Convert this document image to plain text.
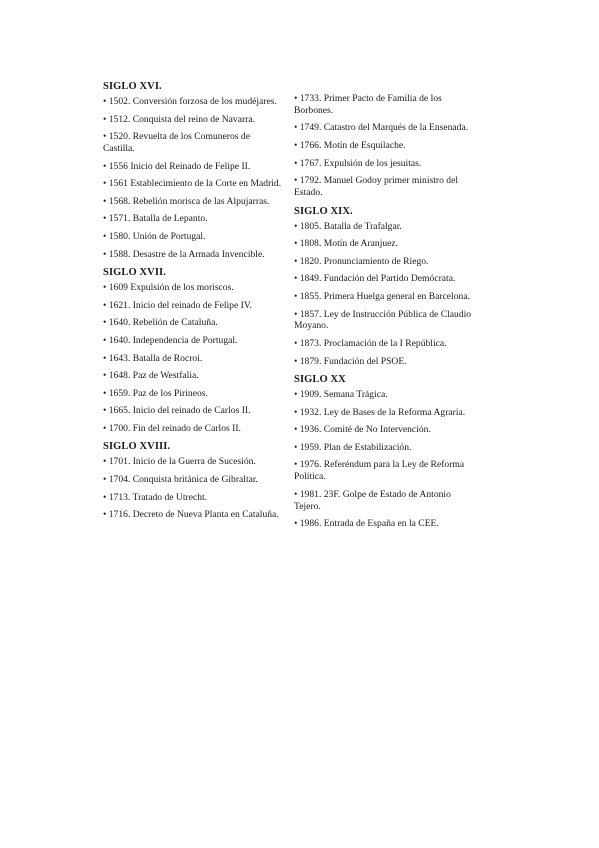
SIGLO XVI.
• 1502. Conversión forzosa de los mudéjares.
• 1512. Conquista del reino de Navarra.
• 1520. Revuelta de los Comuneros de Castilla.
• 1556 Inicio del Reinado de Felipe II.
• 1561 Establecimiento de la Corte en Madrid.
• 1568. Rebelión morisca de las Alpujarras.
• 1571. Batalla de Lepanto.
• 1580. Unión de Portugal.
• 1588. Desastre de la Armada Invencible.
SIGLO XVII.
• 1609 Expulsión de los moriscos.
• 1621. Inicio del reinado de Felipe IV.
• 1640. Rebelión de Cataluña.
• 1640. Independencia de Portugal.
• 1643. Batalla de Rocroi.
• 1648. Paz de Westfalia.
• 1659. Paz de los Pirineos.
• 1665. Inicio del reinado de Carlos II.
• 1700. Fin del reinado de Carlos II.
SIGLO XVIII.
• 1701. Inicio de la Guerra de Sucesión.
• 1704. Conquista británica de Gibraltar.
• 1713. Tratado de Utrecht.
• 1716. Decreto de Nueva Planta en Cataluña.
• 1733. Primer Pacto de Familia de los Borbones.
• 1749. Catastro del Marqués de la Ensenada.
• 1766. Motín de Esquilache.
• 1767. Expulsión de los jesuitas.
• 1792. Manuel Godoy primer ministro del Estado.
SIGLO XIX.
• 1805. Batalla de Trafalgar.
• 1808. Motín de Aranjuez.
• 1820. Pronunciamiento de Riego.
• 1849. Fundación del Partido Demócrata.
• 1855. Primera Huelga general en Barcelona.
• 1857. Ley de Instrucción Pública de Claudio Moyano.
• 1873. Proclamación de la I República.
• 1879. Fundación del PSOE.
SIGLO XX
• 1909. Semana Trágica.
• 1932. Ley de Bases de la Reforma Agraria.
• 1936. Comité de No Intervención.
• 1959. Plan de Estabilización.
• 1976. Referéndum para la Ley de Reforma Política.
• 1981. 23F. Golpe de Estado de Antonio Tejero.
• 1986. Entrada de España en la CEE.
